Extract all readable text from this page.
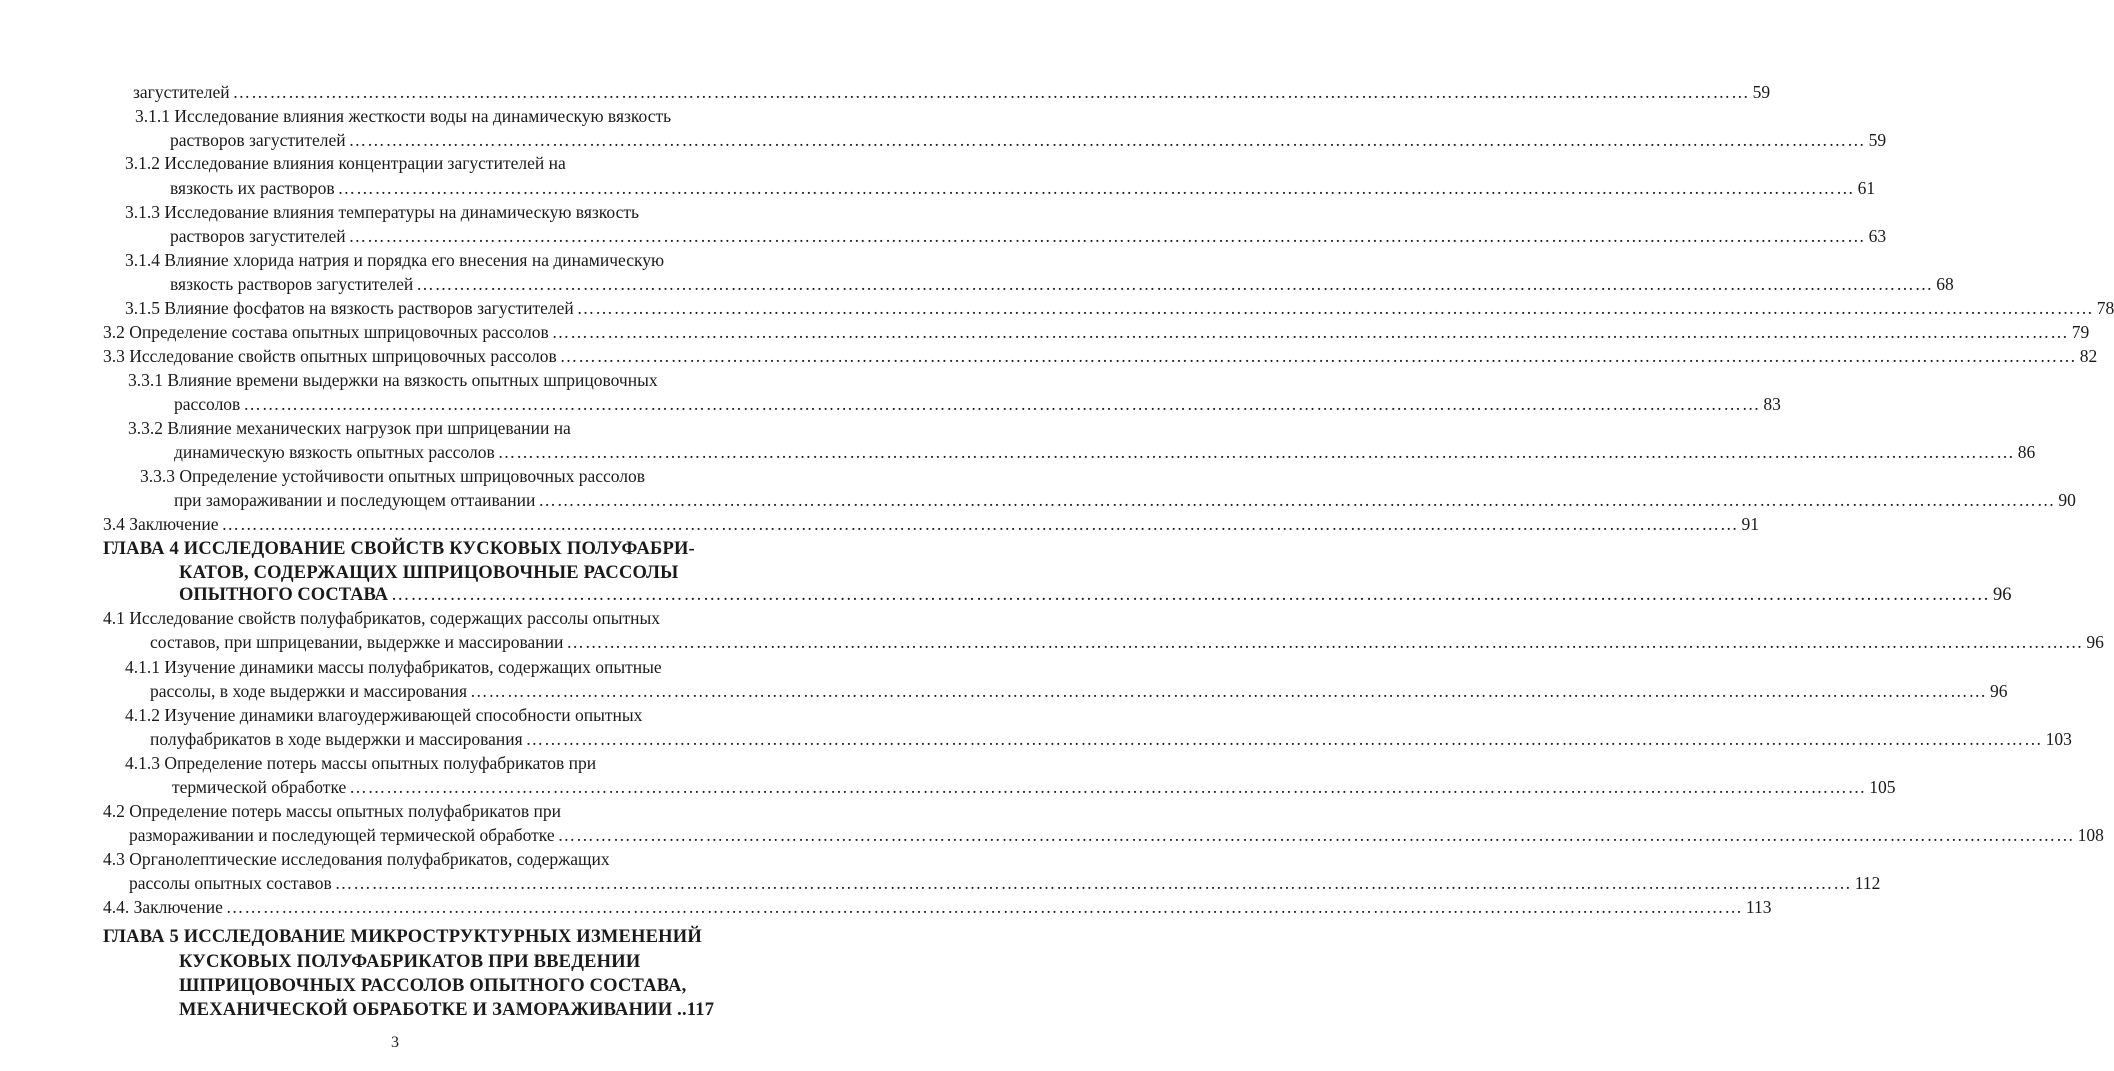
загустителей ………………………………………………………………………………………………………………………………………………………………………………………………………………………… 59
3.1.1 Исследование влияния жесткости воды на динамическую вязкость
растворов загустителей ………………………………………………………………………………………………………………………………………………………………………………………………………………………… 59
3.1.2 Исследование влияния концентрации загустителей на
вязкость их растворов ………………………………………………………………………………………………………………………………………………………………………………………………………………………… 61
3.1.3 Исследование влияния температуры на динамическую вязкость
растворов загустителей ………………………………………………………………………………………………………………………………………………………………………………………………………………………… 63
3.1.4 Влияние хлорида натрия и порядка его внесения на динамическую
вязкость растворов загустителей ………………………………………………………………………………………………………………………………………………………………………………………………………………………… 68
3.1.5 Влияние фосфатов на вязкость растворов загустителей ………………………………………………………………………………………………………………………………………………………………………………………………………………………… 78
3.2 Определение состава опытных шприцовочных рассолов ………………………………………………………………………………………………………………………………………………………………………………………………………………………… 79
3.3 Исследование свойств опытных шприцовочных рассолов ………………………………………………………………………………………………………………………………………………………………………………………………………………………… 82
3.3.1 Влияние времени выдержки на вязкость опытных шприцовочных
рассолов ………………………………………………………………………………………………………………………………………………………………………………………………………………………… 83
3.3.2 Влияние механических нагрузок при шприцевании на
динамическую вязкость опытных рассолов ………………………………………………………………………………………………………………………………………………………………………………………………………………………… 86
3.3.3 Определение устойчивости опытных шприцовочных рассолов
при замораживании и последующем оттаивании ………………………………………………………………………………………………………………………………………………………………………………………………………………………… 90
3.4 Заключение ………………………………………………………………………………………………………………………………………………………………………………………………………………………… 91
ГЛАВА 4 ИССЛЕДОВАНИЕ СВОЙСТВ КУСКОВЫХ ПОЛУФАБРИ-
КАТОВ, СОДЕРЖАЩИХ ШПРИЦОВОЧНЫЕ РАССОЛЫ
ОПЫТНОГО СОСТАВА ………………………………………………………………………………………………………………………………………………………………………………………………………………………… 96
4.1 Исследование свойств полуфабрикатов, содержащих рассолы опытных
составов, при шприцевании, выдержке и массировании ………………………………………………………………………………………………………………………………………………………………………………………………………………………… 96
4.1.1 Изучение динамики массы полуфабрикатов, содержащих опытные
рассолы, в ходе выдержки и массирования ………………………………………………………………………………………………………………………………………………………………………………………………………………………… 96
4.1.2 Изучение динамики влагоудерживающей способности опытных
полуфабрикатов в ходе выдержки и массирования ………………………………………………………………………………………………………………………………………………………………………………………………………………………… 103
4.1.3 Определение потерь массы опытных полуфабрикатов при
термической обработке ………………………………………………………………………………………………………………………………………………………………………………………………………………………… 105
4.2 Определение потерь массы опытных полуфабрикатов при
размораживании и последующей термической обработке ………………………………………………………………………………………………………………………………………………………………………………………………………………………… 108
4.3 Органолептические исследования полуфабрикатов, содержащих
рассолы опытных составов ………………………………………………………………………………………………………………………………………………………………………………………………………………………… 112
4.4. Заключение ………………………………………………………………………………………………………………………………………………………………………………………………………………………… 113
ГЛАВА 5 ИССЛЕДОВАНИЕ МИКРОСТРУКТУРНЫХ ИЗМЕНЕНИЙ
КУСКОВЫХ ПОЛУФАБРИКАТОВ ПРИ ВВЕДЕНИИ
ШПРИЦОВОЧНЫХ РАССОЛОВ ОПЫТНОГО СОСТАВА,
МЕХАНИЧЕСКОЙ ОБРАБОТКЕ И ЗАМОРАЖИВАНИИ ..117
3
